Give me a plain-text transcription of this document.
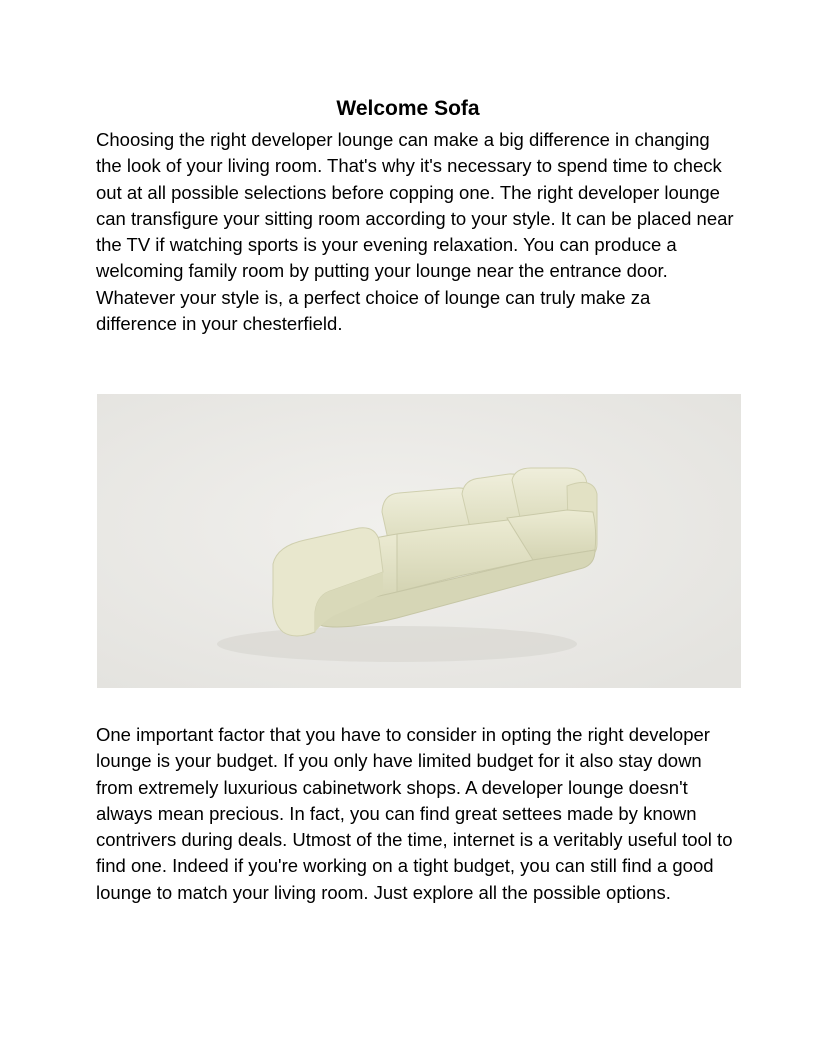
Welcome Sofa

Choosing the right developer lounge can make a big difference in changing the look of your living room. That's why it's necessary to spend time to check out at all possible selections before copping one. The right developer lounge can transfigure your sitting room according to your style. It can be placed near the TV if watching sports is your evening relaxation. You can produce a welcoming family room by putting your lounge near the entrance door. Whatever your style is, a perfect choice of lounge can truly make za difference in your chesterfield.

One important factor that you have to consider in opting the right developer lounge is your budget. If you only have limited budget for it also stay down from extremely luxurious cabinetwork shops. A developer lounge doesn't always mean precious. In fact, you can find great settees made by known contrivers during deals. Utmost of the time, internet is a veritably useful tool to find one. Indeed if you're working on a tight budget, you can still find a good lounge to match your living room. Just explore all the possible options.
